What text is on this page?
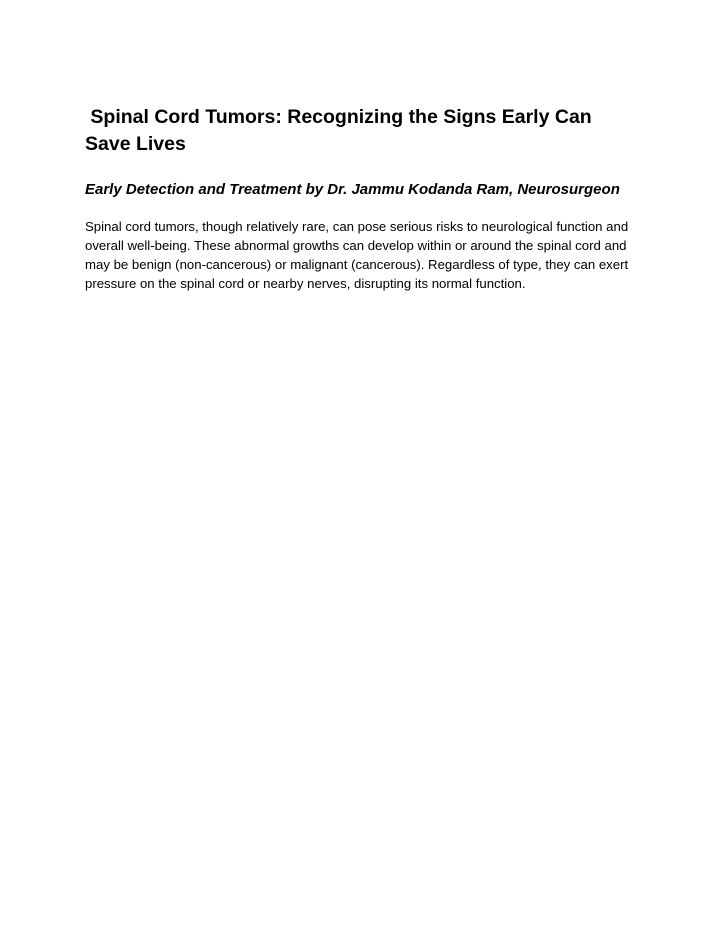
Spinal Cord Tumors: Recognizing the Signs Early Can Save Lives
Early Detection and Treatment by Dr. Jammu Kodanda Ram, Neurosurgeon

Spinal cord tumors, though relatively rare, can pose serious risks to neurological function and overall well-being. These abnormal growths can develop within or around the spinal cord and may be benign (non-cancerous) or malignant (cancerous). Regardless of type, they can exert pressure on the spinal cord or nearby nerves, disrupting its normal function.
